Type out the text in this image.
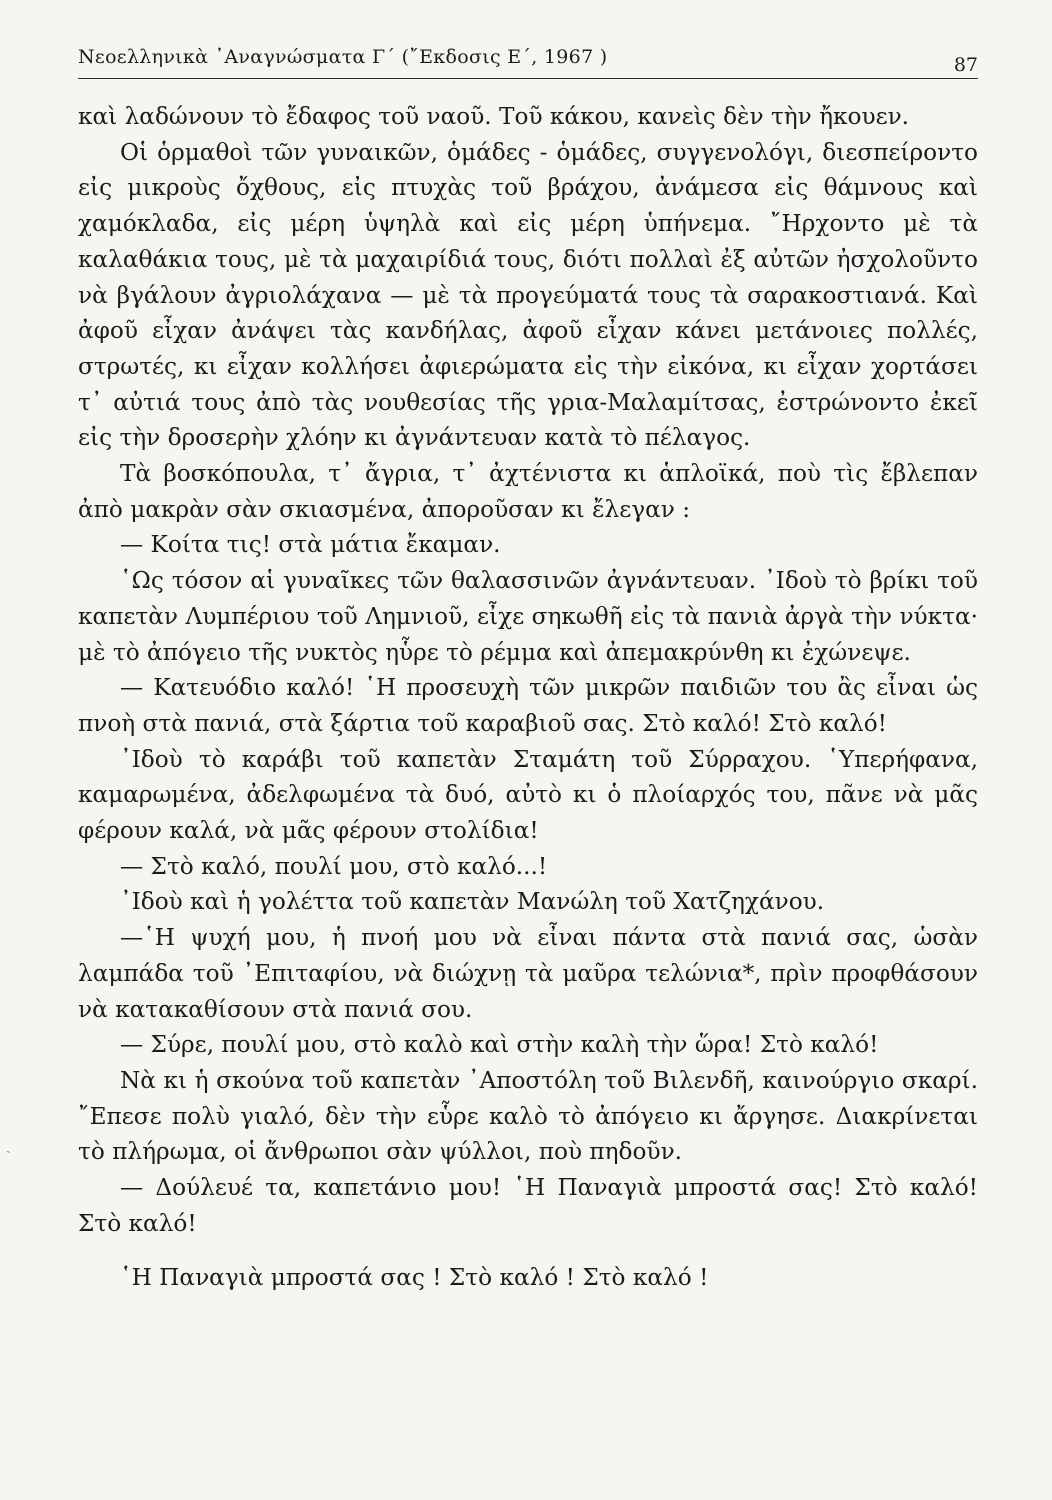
Νεοελληνικὰ ᾿Αναγνώσματα Γ΄ (῎Εκδοσις Ε΄, 1967 )	87

καὶ λαδώνουν τὸ ἔδαφος τοῦ ναοῦ. Τοῦ κάκου, κανεὶς δὲν τὴν ἤκουεν.

Οἱ ὁρμαθοὶ τῶν γυναικῶν, ὁμάδες - ὁμάδες, συγγενολόγι, διεσπείροντο εἰς μικροὺς ὄχθους, εἰς πτυχὰς τοῦ βράχου, ἀνάμεσα εἰς θάμνους καὶ χαμόκλαδα, εἰς μέρη ὑψηλὰ καὶ εἰς μέρη ὑπήνεμα. ῎Ηρχοντο μὲ τὰ καλαθάκια τους, μὲ τὰ μαχαιρίδιά τους, διότι πολλαὶ ἐξ αὐτῶν ἠσχολοῦντο νὰ βγάλουν ἀγριολάχανα — μὲ τὰ προγεύματά τους τὰ σαρακοστιανά. Καὶ ἀφοῦ εἶχαν ἀνάψει τὰς κανδήλας, ἀφοῦ εἶχαν κάνει μετάνοιες πολλές, στρωτές, κι εἶχαν κολλήσει ἀφιερώματα εἰς τὴν εἰκόνα, κι εἶχαν χορτάσει τ᾿ αὐτιά τους ἀπὸ τὰς νουθεσίας τῆς γρια-Μαλαμίτσας, ἐστρώνοντο ἐκεῖ εἰς τὴν δροσερὴν χλόην κι ἀγνάντευαν κατὰ τὸ πέλαγος.

Τὰ βοσκόπουλα, τ᾿ ἄγρια, τ᾿ ἀχτένιστα κι ἁπλοϊκά, ποὺ τὶς ἔβλεπαν ἀπὸ μακρὰν σὰν σκιασμένα, ἀποροῦσαν κι ἔλεγαν :

— Κοίτα τις! στὰ μάτια ἔκαμαν.

῾Ως τόσον αἱ γυναῖκες τῶν θαλασσινῶν ἀγνάντευαν. ᾿Ιδοὺ τὸ βρίκι τοῦ καπετὰν Λυμπέριου τοῦ Λημνιοῦ, εἶχε σηκωθῆ εἰς τὰ πανιὰ ἀργὰ τὴν νύκτα· μὲ τὸ ἀπόγειο τῆς νυκτὸς ηὗρε τὸ ρέμμα καὶ ἀπεμακρύνθη κι ἐχώνεψε.

— Κατευόδιο καλό! ῾Η προσευχὴ τῶν μικρῶν παιδιῶν του ἂς εἶναι ὡς πνοὴ στὰ πανιά, στὰ ξάρτια τοῦ καραβιοῦ σας. Στὸ καλό! Στὸ καλό!

᾿Ιδοὺ τὸ καράβι τοῦ καπετὰν Σταμάτη τοῦ Σύρραχου. ῾Υπερήφανα, καμαρωμένα, ἀδελφωμένα τὰ δυό, αὐτὸ κι ὁ πλοίαρχός του, πᾶνε νὰ μᾶς φέρουν καλά, νὰ μᾶς φέρουν στολίδια!

— Στὸ καλό, πουλί μου, στὸ καλό...!

᾿Ιδοὺ καὶ ἡ γολέττα τοῦ καπετὰν Μανώλη τοῦ Χατζηχάνου.

—῾Η ψυχή μου, ἡ πνοή μου νὰ εἶναι πάντα στὰ πανιά σας, ὡσὰν λαμπάδα τοῦ ᾿Επιταφίου, νὰ διώχνῃ τὰ μαῦρα τελώνια*, πρὶν προφθάσουν νὰ κατακαθίσουν στὰ πανιά σου.

— Σύρε, πουλί μου, στὸ καλὸ καὶ στὴν καλὴ τὴν ὥρα! Στὸ καλό!

Νὰ κι ἡ σκούνα τοῦ καπετὰν ᾿Αποστόλη τοῦ Βιλενδῆ, καινούργιο σκαρί. ῎Επεσε πολὺ γιαλό, δὲν τὴν εὗρε καλὸ τὸ ἀπόγειο κι ἄργησε. Διακρίνεται τὸ πλήρωμα, οἱ ἄνθρωποι σὰν ψύλλοι, ποὺ πηδοῦν.

— Δούλευέ τα, καπετάνιο μου! ῾Η Παναγιὰ μπροστά σας! Στὸ καλό! Στὸ καλό!

῾Η Παναγιὰ μπροστά σας ! Στὸ καλό ! Στὸ καλό !

ˎ
